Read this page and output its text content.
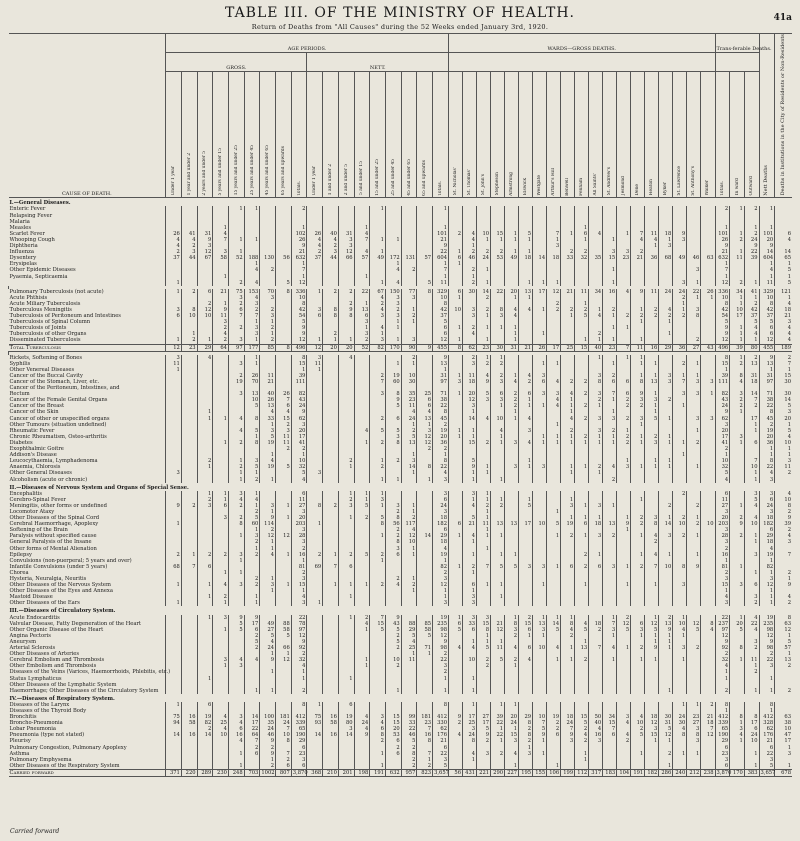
TABLE III. OF THE MINISTRY OF HEALTH.
Return of Deaths from "All Causes" during the 52 Weeks ended January 3rd, 1920.
41a
CAUSE OF DEATH.	AGE PERIODS.																		WARDS—GROSS DEATHS.																			Trans-ferable Deaths.			Nett Deaths	Deaths in Institutions in the City of Residents or Non-Residents
	GROSS.									NETT.																																
	Under 1 year	1 year and under 2	2 years and under 5	5 years and under 15	15 years and under 25	25 years and under 45	45 years and under 65	65 years and upwards	Totals.	Under 1 year	1 and under 2	2 and under 5	5 and under 15	15 and under 25	25 and under 45	45 and under 65	65 and upwards	Totals.	St. Nicholas'	St. Thomas'	St. John's	Stepheson	Armstrong	Elswick	Westgate	Arthur's Hill	Benwell	Fenham	All Saints'	St. Andrew's	Jesmond	Dene	Heaton	Byker	St. Lawrence	St. Anthony's	Walker	Totals.	In ward	Outward		
I.—General Diseases.																																										
Enteric Fever					1	1			2					1				1																				2	1	2	1	
Relapsing Fever																																										
Malaria																																										
Measles				1					1				1					1										1										1		1	1	
Scarlet Fever	26	41	31	4					102	26	40	31	4					101	2	4	10	15	1	5		7	1	6	4		1	7	11	18	9			101	1	2	101	6
Whooping Cough	4	4	9	7	1	1			26	4	4	3	7	1	1			21		4	1	1	1	1		1		1		1		4	4	1	3			26	2	24	20	4
Diphtheria	4	2	3						9	4	2	3						9		1						3							1	3				9		9	9	
Influenza	2	3	12	3	1				21	2	3	12	4	1				22	1	2	2	2	1	1			2	2		3	3	2						21	1	22	14	14
Dysentery	37	44	67	58	52	188	130	56	632	37	44	66	57	49	172	131	57	604	6	46	24	53	49	18	14	18	33	32	35	15	23	21	36	68	49	46	63	632	11	39	604	65
Erysipelas						1			1						1			1	1																			1			1	1
Other Epidemic Diseases						4	2		7						4	2		7		2	1									1						3		7			4	5
Pyaemia, Septicaemia				1					1				1					1		1																		1			1	1
	1				2	4		5	12					1	4		5	11		2	1			1	1	1				1					3	1		12	2	1	11	5

Pulmonary Tuberculosis (not acute)	1	2	6	21	75	153	70	8	336	1	2	2	22	67	150	77	8	329	6	30	14	22	20	13	17	12	21	11	34	16	4	9	11	24	24	22	26	336	34	41	329	121
Acute Phthisis					3	4	3		10					4	3	3		10	1		2		1	1											2	1	1	10	1	1	10	1
Acute Miliary Tuberculosis			2	1	2	3			8			2	1	2	3			8								2		1							1			8	1	2	8	4
Tuberculous Meningitis	3	8	12	9	6	2	2		42	3	8	9	13	4	2	1		42	10	3	2	8	4	4	1	2	2	2	1	2		1	2	4	1	3		42	10	42	42	18
Tuberculosis of Peritoneum and Intestines	6	10	10	11	7	7	3		54	6	8	8	6	3	3	2		37		3	1	3	4				1	5	4	1	2	2	2	2	2	8		54	17	37	37	21
Tuberculosis of Spinal Column				3		1	1		5				3		1	1		5														1		1				5		5	5	3
Tuberculosis of Joints				2	2	3	2		9				1	4	1			6	1	2	1	1	1							1	1							9	1	4	6	4
Tuberculosis of other Organs		1		4		3	1		9		2		3	1				6		4			1		1				2					1				9	1	4	6	4
Disseminated Tuberculosis	1	2	1	2	3	1	2		12	1	1	1	2	3	1	3		12	1		1		1					1	1	1		1				2		12	1	1	12	4
Total Tuberculosis	12	23	29	64	97	177	85	8	496	12	20	20	52	82	170	90	9	455	8	62	23	30	31	21	26	17	25	15	40	23	7	11	16	29	36	27	43	496	39	80	455	189

Rickets, Softening of Bones	3		4			1			8	3		4				2		9		2	1	1							1		1	1						8	1	2	9	2
Syphilis	11				3	1			15	11					1	1		13		3	2	2			1	1				1		1	1		2	1		15	2	13	13	7
Other Venereal Diseases	1								1	1								1																				1			1	1
Cancer of the Buccal Cavity					2	26	11		39					2	19	10		31	1	11	4	2	1	4	3				3	2		1	1	3	1	1		39	8	31	31	15
Cancer of the Stomach, Liver, etc.					19	70	21		111					7	60	30		97	3	18	9	3	4	2	6	4	2	2	8	6	6	8	13	3	7	3	3	111	4	18	97	30
Cancer of the Peritoneum, Intestines, and																																										
Rectum					3	13	40	26	82					3	8	35	25	71	1	20	5	6	2	6	3	3	4	2	3	7	6	9	1		3	3	1	82	3	14	71	30
Cancer of the Female Genital Organs						10	26	7	43						9	23	6	38		12	3	3	2	1		4	1		2	1	2	3	3	2				43	2	7	38	14
Cancer of the Breast						5	13	6	24						5	11	6	22		3		1	2	1	1	4	1	2	1		2	2	1		1			24	2	2	22	5
Cancer of the Skin			1				4	4	9							4	4	8		1			1				1			1			1					9	1		8	3
Cancer of other or unspecified organs			1	1	4	8	33	15	62					2	6	24	13	45		14	4	10	1	4			4	2	3	3	2	3	5	1		3	3	62		17	45	20
Other Tumours (situation undefined)							1	2	3							1	1	2								1						1						3		1	2	1
Rheumatic Fever					4	5	3	3	20				4	5	5	2	3	19	1	1		4		3			2		3	2	1					1		20		1	19	5
Chronic Rheumatism, Osteo-arthritis						1	5	11	17						3	5	12	20	1	1		1			1	1	1	2	1	1	2	1	2	1				17	3		20	4
Diabetes				1	2	8	19	11	41				1	2	8	13	12	36		15	2	1	3	4	1	1	1	1	1	1	2	1	3	1	1	2		41	1	6	36	10
Exophthalmic Goitre								2	2								2	2																				2			1	1
Addison's Disease							1		1							1		1																	1			1			1	1
Leucocythaemia, Lymphadenoma			2		1	3	4		10			2		1	2	3		8		5				1							1		1	1				10		7	8	3
Anaemia, Chlorosis			1		2	5	19	5	32			1		2		14	8	22		9	1		3	1	3		1	1	2	4	3	1	1	1		1		32		10	22	11
Other General Diseases	3				1	1			5	3						1		4		1	1						1		1									5		1	4	2
Alcoholism (acute or chronic)					1	2	1		4					1	1		1	3		1		1								2								4		1	3	
II.—Diseases of Nervous System and Organs of Special Sense.																																										
Encephalitis			1	1	3	1			6			1	1	1				3		3	1														2			6		3	3	4
Cerebro-Spinal Fever			2	1	4	4			11			2	1	3				6		1	1	1		1			1					1						11		5	6	10
Meningitis, other forms or undefined	9	2	3	6	2	1	3	1	27	8	2	3	5	1	3	1		24		4	2	2		5			3	1	3	1				2		2		27	1	4	24	8
Locomotor Ataxy						2	1		3						2	1		3			1					1												3			3	2
Other Diseases of the Spinal Cord				3	2	5	9	1	20			1	2	5	8	2		18		5	1						1	1	1		1	2	3	1	2	1		20	2	4	18	9
Cerebral Haemorrhage, Apoplexy	1				8	60	114		203	1				8	56	117		182	6	21	11	13	13	17	10	5	19	6	18	13	9	2	8	14	10	2	10	203	9	10	182	39
Softening of the Brain						1	2		3						2	4		6			1										1							3			6	2
Paralysis without specified cause					1	3	12	12	28					1	2	12	14	29	1	4	1	1				1	2	1	3	2		1	4	3	2	1		28	2	1	29	4
General Paralysis of the Insane						2	1		3						8	10		18		1													2					3		1	18	3
Other forms of Mental Alienation						1	1		2						3	1		4			1																	2			4	
Epilepsy	2	1	2	2	3	2	4	1	16	2	1	2	5	2	6	1		19		1		1	1					2	1			1	4	1		1		16		3	19	7
Convulsions (non-puerperal; 5 years and over)					1				1					1				1																				1			1	
Infantile Convulsions (under 5 years)	68	7	6						81	69	7	6						82	1	2	7	5	5	3	3	1	6	2	6	3	1	2	7	10	8	9		81	1		82	
Chorea				1	1				2									2		1																		2		1	1	2
Hysteria, Neuralgia, Neuritis						2	1		3						2	1		3																				3			3	1
Other Diseases of the Nervous System	1		1	4	3	2	3	1	15		1	1	1	2	4	2		12		6	1	1			1			1			1		1		3			15	3	6	12	9
Other Diseases of the Eyes and Annexa							1		1							1		1		1																		1			1	
Mastoid Disease			1	2		1			4			1						1		3		1																4		3	1	4
Other Diseases of the Ears	1			1		1			3	1								3		3																		3		2	1	2
III.—Diseases of Circulatory System.																																										
Acute Endocarditis			1	3	9	9			22			1	2	7	9			19	1	3	3		1	2	1	1	1			1	2		1	2	1			22	1	4	19	8
Valvular Disease, Fatty Degeneration of the Heart					5	17	49	88	78				4	15	43	88	85	235	6	33	15	21	8	15	13	14	8	4	18	7	12	6	12	13	10	12	8	237	20	22	235	63
Other Organic Disease of the Heart				1	5	6	27	58	97				1	5	5	29	58	98	5	6	8	12	3	6	3	5	4	5	2	3	5	3	5	9	4	5	4	97	5	4	98	12
Angina Pectoris						2	5	5	12						2	5	5	12			1		2	1	1		2			1		1	1	1	1			12			12	1
Aneurysm						5	4		9						5	4		9		1	1	1						1					1	1				9		3	9	5
Arterial Sclerosis						2	24	66	92						2	25	71	98	4	4	5	11	4	6	10	4	1	13	7	4	1	2	9	1	3	2		92	8	2	98	57
Other Diseases of Arteries							1	1	2							1	1	2																				2			2	1
Cerebral Embolism and Thrombosis				3	4	4	9	12	32				1		10	11		22		10	2	5	2	4		1	1	2		1		1	1		1			32	1	11	22	13
Other Embolism and Thrombosis				1	3				4				1		2			3			2		1															4		1	3	2
Diseases of the Veins (Varices, Haemorrhoids, Phlebitis, etc.)							1		1									2																				1		2		
Status Lymphaticus			1						1			1						1		1																		1			1	
Other Diseases of the Lymphatic System																																										
Haemorrhage; Other Diseases of the Circulatory System						1	1		2						1			1		1														1				2		1	1	2
IV.—Diseases of Respiratory System.																																										
Diseases of the Larynx	1		6						8	1		6						8		1		1	1												1	1	2	8			8	
Diseases of the Thyroid Body																																						1			1	
Bronchitis	75	16	19	4	3	14	100	181	412	75	16	19	4	3	15	99	181	412	9	17	27	39	20	29	10	19	18	15	50	34	3	4	18	30	24	23	21	412	8	8	412	63
Broncho-Pneumonia	94	58	82	25	4	17	35	24	339	93	58	80	24	4	15	33	23	330	2	25	17	22	24	8	7	2	24	5	40	15	4	10	12	31	30	27	18	339	1	17	328	38
Lobar Pneumonia			2	4	6	22	24	7	65			3	4	6	20	22	7	62		3	5	1	1	2	5	2	7	2	4	7		2	3	5	4	3	7	65	3	6	62	10
Pneumonia (type not stated)	14	16	14	10	16	64	46	10	190	14	16	14	9	8	53	46	16	176	4	24	9	22	15	8	9	6	9	4	16	6	4	5	15	12	8	8	12	190	4	24	176	47
Pleurisy					4	7	9	8	29					2	6	5	8	21		8	2	1	3	2	1		3	2	3		2		1	1		3		29	1	10	21	17
Pulmonary Congestion, Pulmonary Apoplexy						2	2		6						2	2		6						1														6			6	1
Asthma					1	6	9	7	23					1	6	8	7	22		4	3	2	4	3	1			1				1		2	1	1		23		1	22	3
Pulmonary Emphysema							1	2	3							2	1	3		1								1										3			3	
Other Diseases of the Respiratory System					1		2	6	6					1		2	2	5					1			1								1				6		1	5	1
Carried forward	371	220	289	230	248	703	1002	807	3,870	368	210	201	198	191	632	957	823	3,657	56	431	221	290	227	195	155	106	199	112	317	183	104	191	182	286	240	212	238	3,870	170	383	3,657	678
Carried forward
